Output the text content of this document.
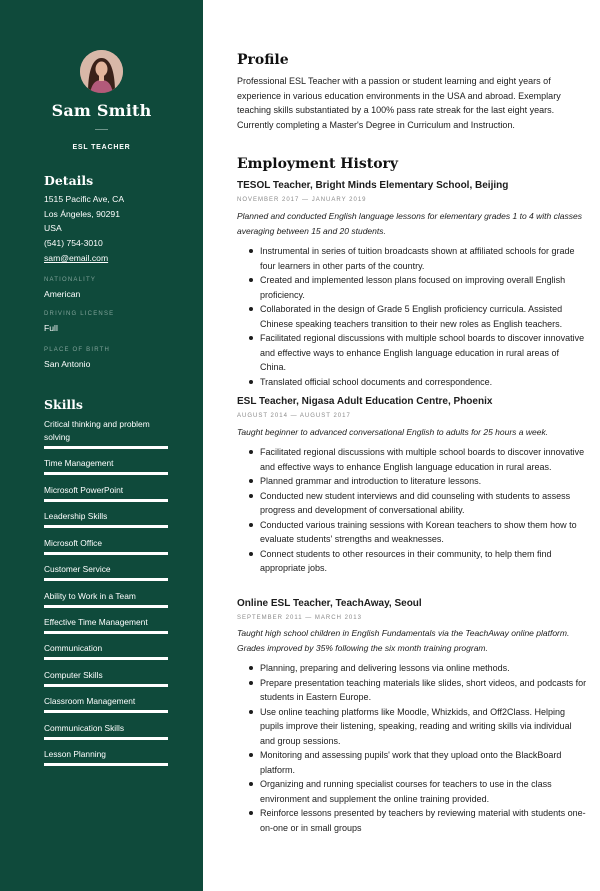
Sam Smith
ESL TEACHER
Details
1515 Pacific Ave, CA
Los Ángeles, 90291
USA
(541) 754-3010
sam@email.com
NATIONALITY
American
DRIVING LICENSE
Full
PLACE OF BIRTH
San Antonio
Skills
Critical thinking and problem solving
Time Management
Microsoft PowerPoint
Leadership Skills
Microsoft Office
Customer Service
Ability to Work in a Team
Effective Time Management
Communication
Computer Skills
Classroom Management
Communication Skills
Lesson Planning
Profile
Professional ESL Teacher with a passion or student learning and eight years of experience in various education environments in the USA and abroad. Exemplary teaching skills substantiated by a 100% pass rate streak for the last eight years. Currently completing a Master's Degree in Curriculum and Instruction.
Employment History
TESOL Teacher, Bright Minds Elementary School, Beijing
NOVEMBER 2017 — JANUARY 2019
Planned and conducted English language lessons for elementary grades 1 to 4 with classes averaging between 15 and 20 students.
Instrumental in series of tuition broadcasts shown at affiliated schools for grade four learners in other parts of the country.
Created and implemented lesson plans focused on improving overall English proficiency.
Collaborated in the design of Grade 5 English proficiency curricula. Assisted Chinese speaking teachers transition to their new roles as English teachers.
Facilitated regional discussions with multiple school boards to discover innovative and effective ways to enhance English language education in rural areas of China.
Translated official school documents and correspondence.
ESL Teacher, Nigasa Adult Education Centre, Phoenix
AUGUST 2014 — AUGUST 2017
Taught beginner to advanced conversational English to adults for 25 hours a week.
Facilitated regional discussions with multiple school boards to discover innovative and effective ways to enhance English language education in rural areas.
Planned grammar and introduction to literature lessons.
Conducted new student interviews and did counseling with students to assess progress and development of conversational ability.
Conducted various training sessions with Korean teachers to show them how to evaluate students' strengths and weaknesses.
Connect students to other resources in their community, to help them find appropriate jobs.
Online ESL Teacher, TeachAway, Seoul
SEPTEMBER 2011 — MARCH 2013
Taught high school children in English Fundamentals via the TeachAway online platform. Grades improved by 35% following the six month training program.
Planning, preparing and delivering lessons via online methods.
Prepare presentation teaching materials like slides, short videos, and podcasts for students in Eastern Europe.
Use online teaching platforms like Moodle, Whizkids, and Off2Class. Helping pupils improve their listening, speaking, reading and writing skills via individual and group sessions.
Monitoring and assessing pupils' work that they upload onto the BlackBoard platform.
Organizing and running specialist courses for teachers to use in the class environment and supplement the online training provided.
Reinforce lessons presented by teachers by reviewing material with students one-on-one or in small groups
